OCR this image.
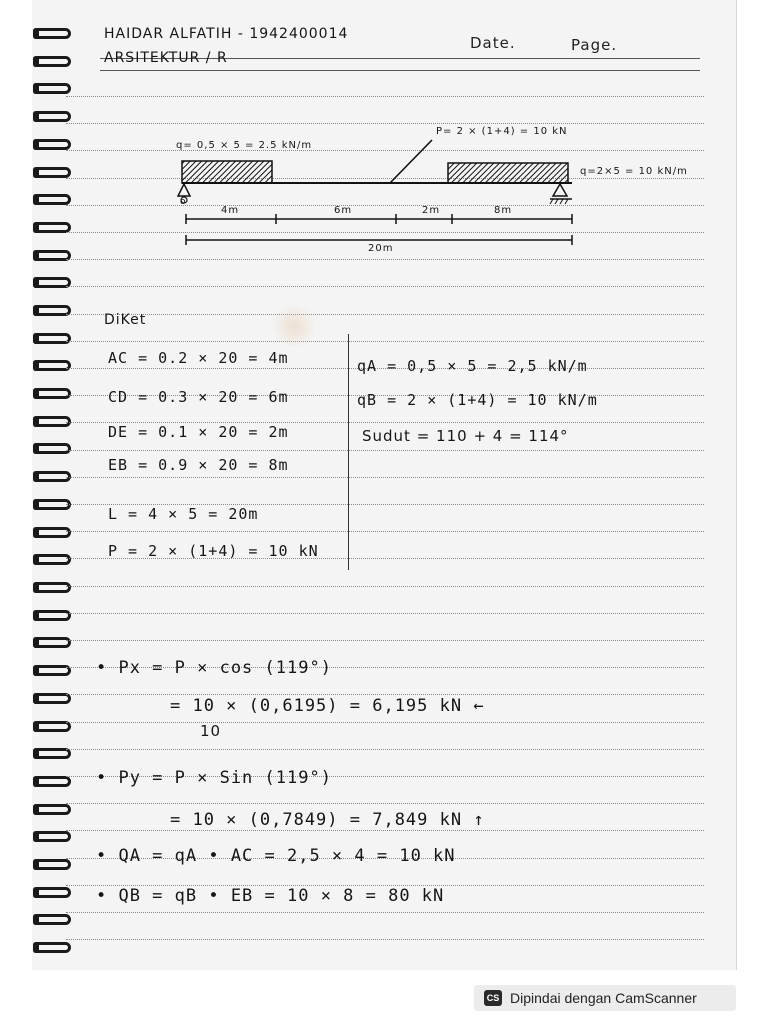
HAIDAR ALFATIH - 1942400014
ARSITEKTUR / R
Date.	Page.
q= 0,5 × 5 = 2.5 kN/m
P= 2 × (1+4) = 10 kN
q=2×5 = 10 kN/m
o
4m	6m	2m	8m
20m
DiKet
AC = 0.2 × 20 = 4m
CD = 0.3 × 20 = 6m
DE = 0.1 × 20 = 2m
EB = 0.9 × 20 = 8m
L = 4 × 5 = 20m
P = 2 × (1+4) = 10 kN
qA = 0,5 × 5 = 2,5 kN/m
qB = 2 × (1+4) = 10 kN/m
Sudut = 110 + 4 = 114°
• Px = P × cos (119°)
= 10 × (0,6195) = 6,195 kN ←
10
• Py = P × Sin (119°)
= 10 × (0,7849) = 7,849 kN ↑
• QA = qA • AC = 2,5 × 4 = 10 kN
• QB = qB • EB = 10 × 8 = 80 kN
CS Dipindai dengan CamScanner
